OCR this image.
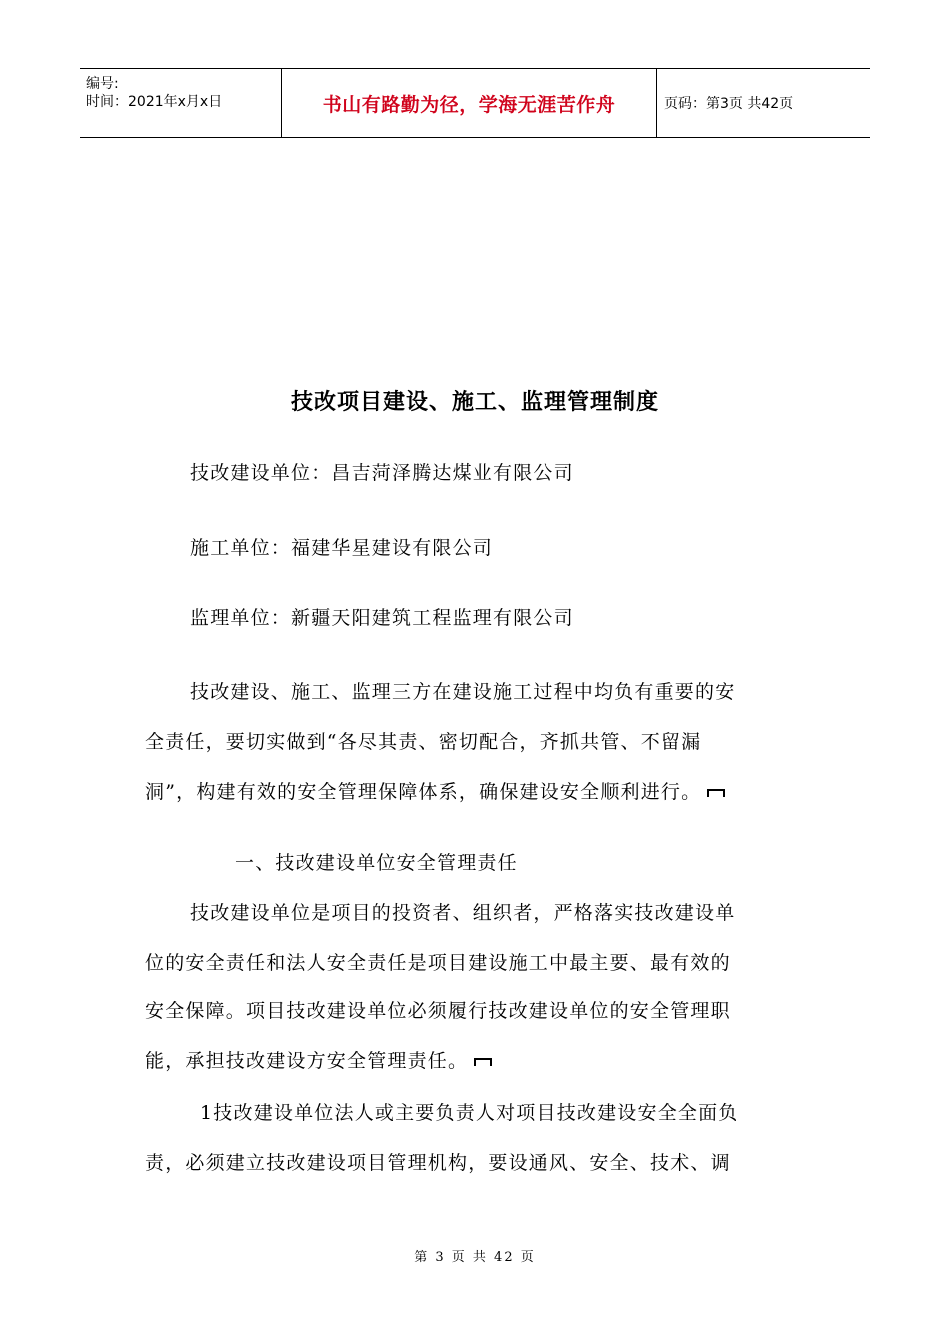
编号:
时间：2021年x月x日	书山有路勤为径，学海无涯苦作舟	页码：第3页 共42页
技改项目建设、施工、监理管理制度
技改建设单位：昌吉菏泽腾达煤业有限公司
施工单位：福建华星建设有限公司
监理单位：新疆天阳建筑工程监理有限公司
技改建设、施工、监理三方在建设施工过程中均负有重要的安
全责任，要切实做到“各尽其责、密切配合，齐抓共管、不留漏
洞”，构建有效的安全管理保障体系，确保建设安全顺利进行。
一、技改建设单位安全管理责任
技改建设单位是项目的投资者、组织者，严格落实技改建设单
位的安全责任和法人安全责任是项目建设施工中最主要、最有效的
安全保障。项目技改建设单位必须履行技改建设单位的安全管理职
能，承担技改建设方安全管理责任。
1技改建设单位法人或主要负责人对项目技改建设安全全面负
责，必须建立技改建设项目管理机构，要设通风、安全、技术、调
第 3 页 共 42 页
